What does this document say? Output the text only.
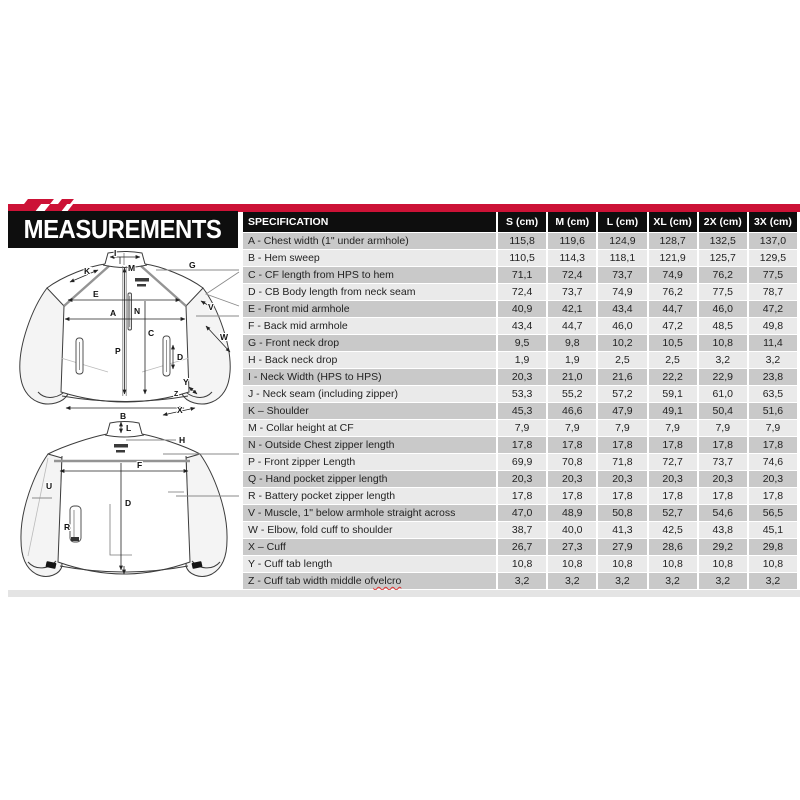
MEASUREMENTS	SPECIFICATION	S (cm)	M (cm)	L (cm)	XL (cm)	2X (cm)	3X (cm)
A - Chest width (1" under armhole)	115,8	119,6	124,9	128,7	132,5	137,0
B - Hem sweep	110,5	114,3	118,1	121,9	125,7	129,5
C - CF length from HPS to hem	71,1	72,4	73,7	74,9	76,2	77,5
D - CB Body length from neck seam	72,4	73,7	74,9	76,2	77,5	78,7
E - Front mid armhole	40,9	42,1	43,4	44,7	46,0	47,2
F - Back mid armhole	43,4	44,7	46,0	47,2	48,5	49,8
G - Front neck drop	9,5	9,8	10,2	10,5	10,8	11,4
H - Back neck drop	1,9	1,9	2,5	2,5	3,2	3,2
I - Neck Width (HPS to HPS)	20,3	21,0	21,6	22,2	22,9	23,8
J - Neck seam (including zipper)	53,3	55,2	57,2	59,1	61,0	63,5
K – Shoulder	45,3	46,6	47,9	49,1	50,4	51,6
M - Collar height at CF	7,9	7,9	7,9	7,9	7,9	7,9
N - Outside Chest zipper length	17,8	17,8	17,8	17,8	17,8	17,8
P - Front zipper Length	69,9	70,8	71,8	72,7	73,7	74,6
Q - Hand pocket zipper length	20,3	20,3	20,3	20,3	20,3	20,3
R - Battery pocket zipper length	17,8	17,8	17,8	17,8	17,8	17,8
V - Muscle, 1" below armhole straight across	47,0	48,9	50,8	52,7	54,6	56,5
W - Elbow, fold cuff to shoulder	38,7	40,0	41,3	42,5	43,8	45,1
X – Cuff	26,7	27,3	27,9	28,6	29,2	29,8
Y - Cuff tab length	10,8	10,8	10,8	10,8	10,8	10,8
Z - Cuff tab width middle of velcro	3,2	3,2	3,2	3,2	3,2	3,2
I
M
K
G
E
A N
C
V
W
D
P
Y
Z
X
B
L
H
F
D
U
R
